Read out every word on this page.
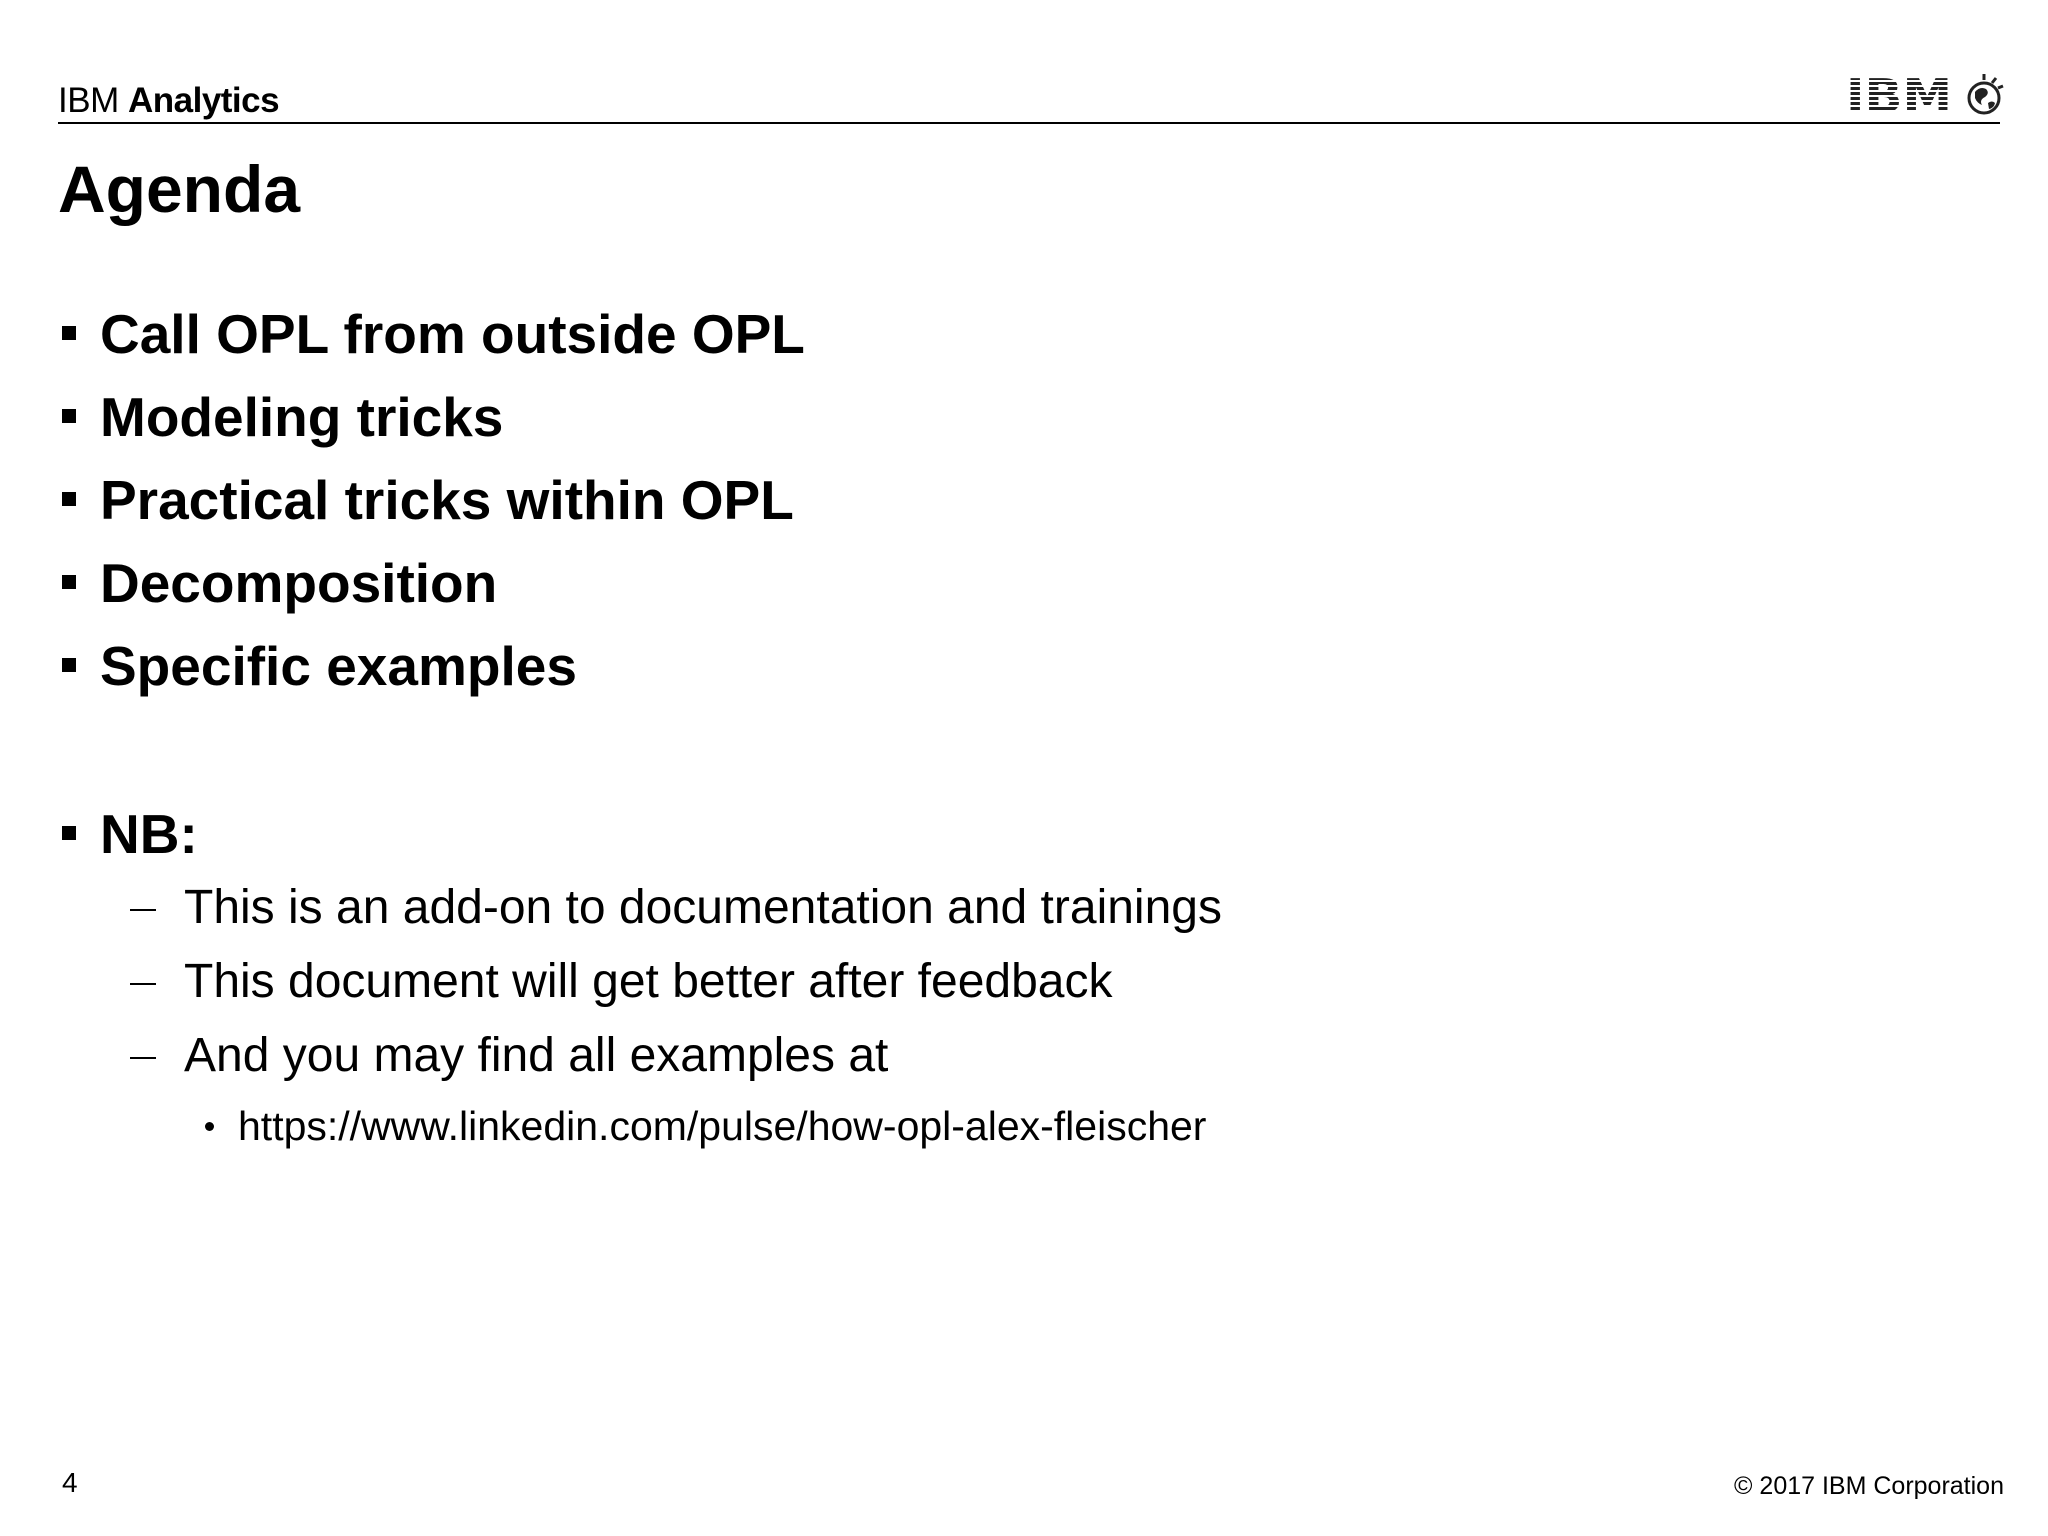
IBM Analytics	IBM
Agenda

Call OPL from outside OPL

Modeling tricks

Practical tricks within OPL

Decomposition

Specific examples

NB:

This is an add-on to documentation and trainings

This document will get better after feedback

And you may find all examples at

https://www.linkedin.com/pulse/how-opl-alex-fleischer

4	© 2017 IBM Corporation
